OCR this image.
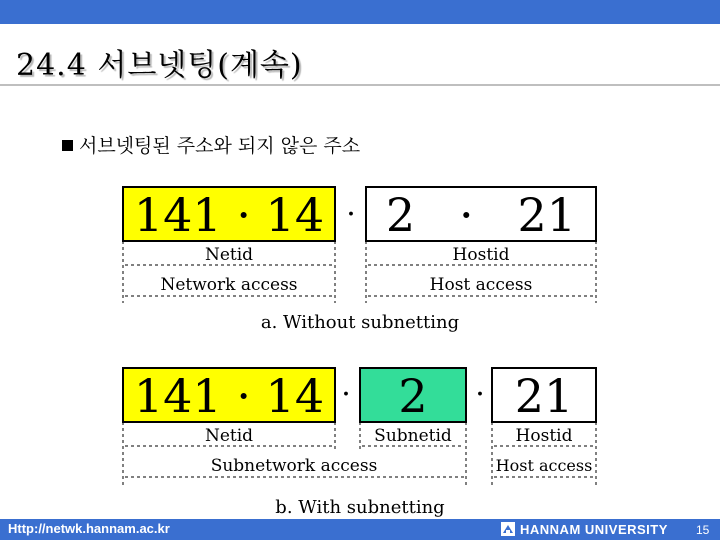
24.4 서브넷팅(계속)
서브넷팅된 주소와 되지 않은 주소
141 · 14 · 2   ·   21
Netid	Hostid
Network access	Host access
a. Without subnetting
141 · 14 · 2 · 21
Netid	Subnetid	Hostid
Subnetwork access	Host access
b. With subnetting
Http://netwk.hannam.ac.kr	HANNAM UNIVERSITY 15
